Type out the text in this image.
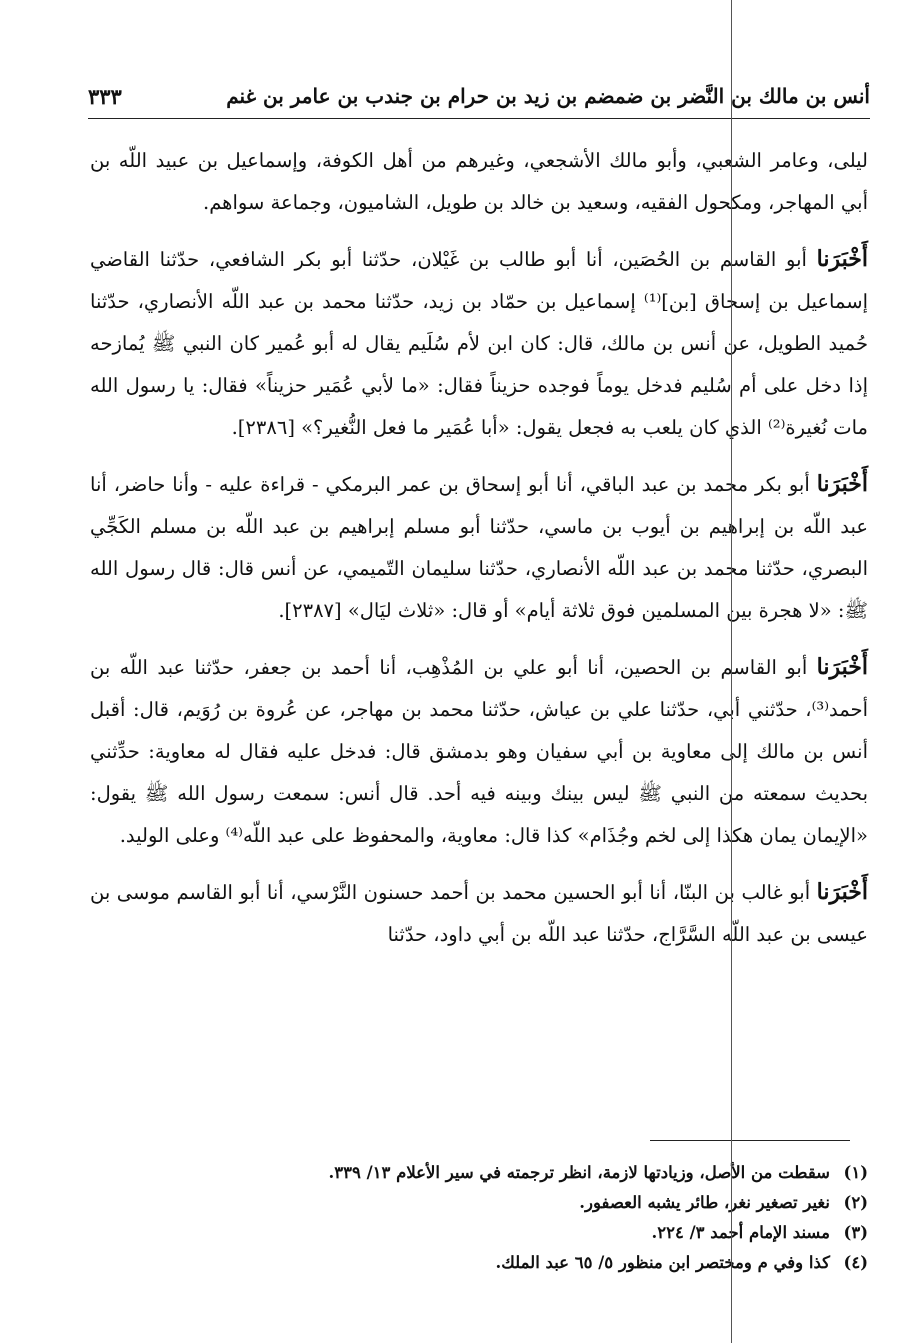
أنس بن مالك بن النَّضر بن ضمضم بن زيد بن حرام بن جندب بن عامر بن غنم
٣٣٣

ليلى، وعامر الشعبي، وأبو مالك الأشجعي، وغيرهم من أهل الكوفة، وإسماعيل بن عبيد اللّه بن أبي المهاجر، ومكحول الفقيه، وسعيد بن خالد بن طويل، الشاميون، وجماعة سواهم.

أَخْبَرَنا أبو القاسم بن الحُصَين، أنا أبو طالب بن غَيْلان، حدّثنا أبو بكر الشافعي، حدّثنا القاضي إسماعيل بن إسحاق [بن]⁽¹⁾ إسماعيل بن حمّاد بن زيد، حدّثنا محمد بن عبد اللّه الأنصاري، حدّثنا حُميد الطويل، عن أنس بن مالك، قال: كان ابن لأم سُلَيم يقال له أبو عُمير كان النبي ﷺ يُمازحه إذا دخل على أم سُليم فدخل يوماً فوجده حزيناً فقال: «ما لأبي عُمَير حزيناً» فقال: يا رسول الله مات نُغيرة⁽²⁾ الذي كان يلعب به فجعل يقول: «أبا عُمَير ما فعل النُّغير؟» [٢٣٨٦].

أَخْبَرَنا أبو بكر محمد بن عبد الباقي، أنا أبو إسحاق بن عمر البرمكي - قراءة عليه - وأنا حاضر، أنا عبد اللّه بن إبراهيم بن أيوب بن ماسي، حدّثنا أبو مسلم إبراهيم بن عبد اللّه بن مسلم الكَجِّي البصري، حدّثنا محمد بن عبد اللّه الأنصاري، حدّثنا سليمان التّميمي، عن أنس قال: قال رسول الله ﷺ: «لا هجرة بين المسلمين فوق ثلاثة أيام» أو قال: «ثلاث ليَال» [٢٣٨٧].

أَخْبَرَنا أبو القاسم بن الحصين، أنا أبو علي بن المُذْهِب، أنا أحمد بن جعفر، حدّثنا عبد اللّه بن أحمد⁽³⁾، حدّثني أبي، حدّثنا علي بن عياش، حدّثنا محمد بن مهاجر، عن عُروة بن رُوَيم، قال: أقبل أنس بن مالك إلى معاوية بن أبي سفيان وهو بدمشق قال: فدخل عليه فقال له معاوية: حدِّثني بحديث سمعته من النبي ﷺ ليس بينك وبينه فيه أحد. قال أنس: سمعت رسول الله ﷺ يقول: «الإيمان يمان هكذا إلى لخم وجُذَام» كذا قال: معاوية، والمحفوظ على عبد اللّه⁽⁴⁾ وعلى الوليد.

أَخْبَرَنا أبو غالب بن البنّا، أنا أبو الحسين محمد بن أحمد حسنون النَّرْسي، أنا أبو القاسم موسى بن عيسى بن عبد اللّه السَّرَّاج، حدّثنا عبد اللّه بن أبي داود، حدّثنا

(١)
سقطت من الأصل، وزيادتها لازمة، انظر ترجمته في سير الأعلام ١٣/ ٣٣٩.
(٢)
نغير تصغير نغر، طائر يشبه العصفور.
(٣)
مسند الإمام أحمد ٣/ ٢٢٤.
(٤)
كذا وفي م ومختصر ابن منظور ٥/ ٦٥ عبد الملك.
